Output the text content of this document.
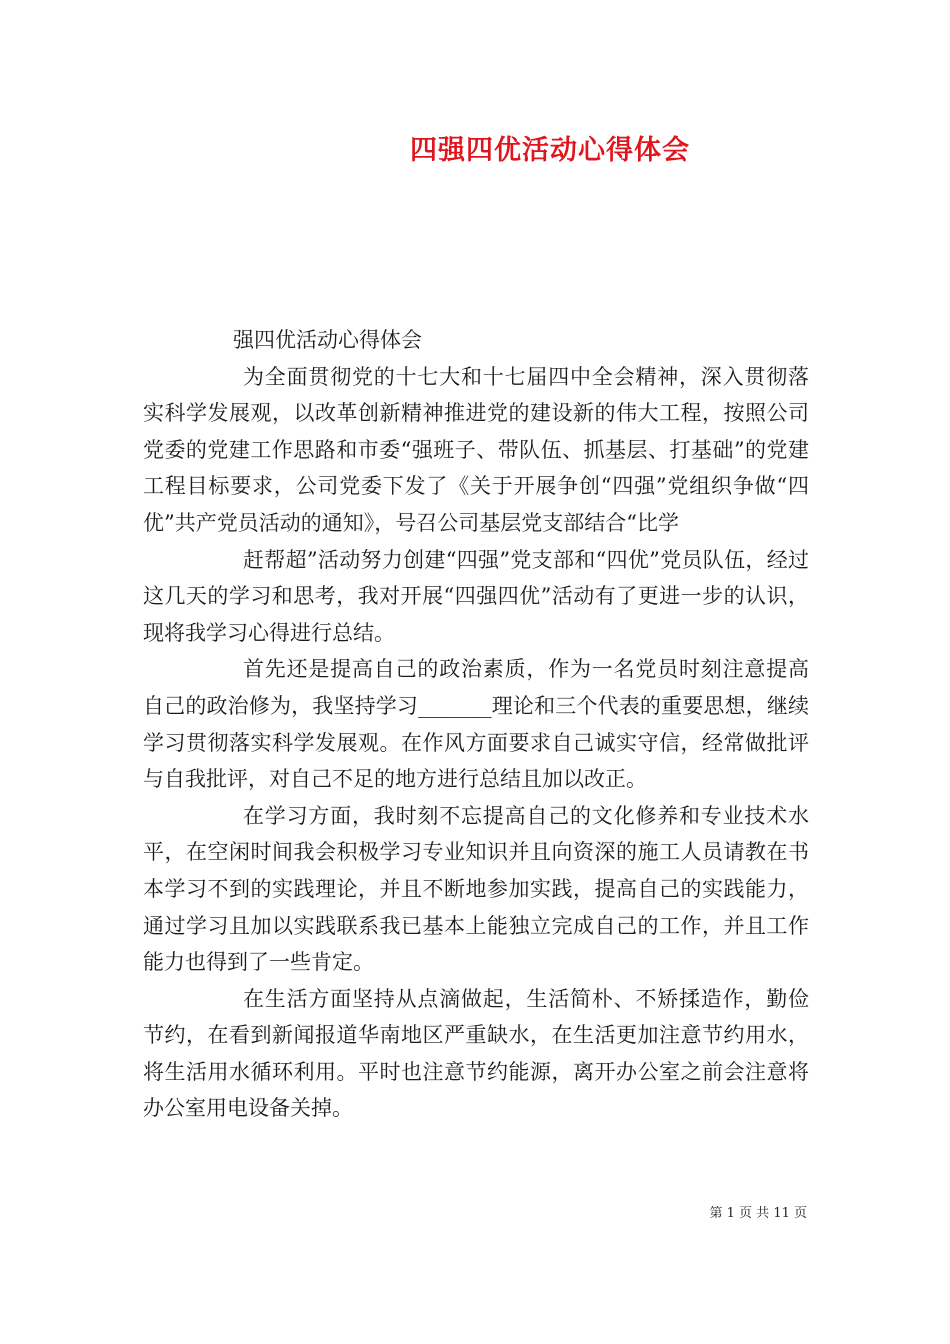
四强四优活动心得体会

强四优活动心得体会

为全面贯彻党的十七大和十七届四中全会精神，深入贯彻落实科学发展观，以改革创新精神推进党的建设新的伟大工程，按照公司党委的党建工作思路和市委“强班子、带队伍、抓基层、打基础”的党建工程目标要求，公司党委下发了《关于开展争创“四强”党组织争做“四优”共产党员活动的通知》，号召公司基层党支部结合“比学

赶帮超”活动努力创建“四强”党支部和“四优”党员队伍，经过这几天的学习和思考，我对开展“四强四优”活动有了更进一步的认识，现将我学习心得进行总结。

首先还是提高自己的政治素质，作为一名党员时刻注意提高自己的政治修为，我坚持学习_______理论和三个代表的重要思想，继续学习贯彻落实科学发展观。在作风方面要求自己诚实守信，经常做批评与自我批评，对自己不足的地方进行总结且加以改正。

在学习方面，我时刻不忘提高自己的文化修养和专业技术水平，在空闲时间我会积极学习专业知识并且向资深的施工人员请教在书本学习不到的实践理论，并且不断地参加实践，提高自己的实践能力，通过学习且加以实践联系我已基本上能独立完成自己的工作，并且工作能力也得到了一些肯定。

在生活方面坚持从点滴做起，生活简朴、不矫揉造作，勤俭节约，在看到新闻报道华南地区严重缺水，在生活更加注意节约用水，将生活用水循环利用。平时也注意节约能源，离开办公室之前会注意将办公室用电设备关掉。

第 1 页 共 11 页
